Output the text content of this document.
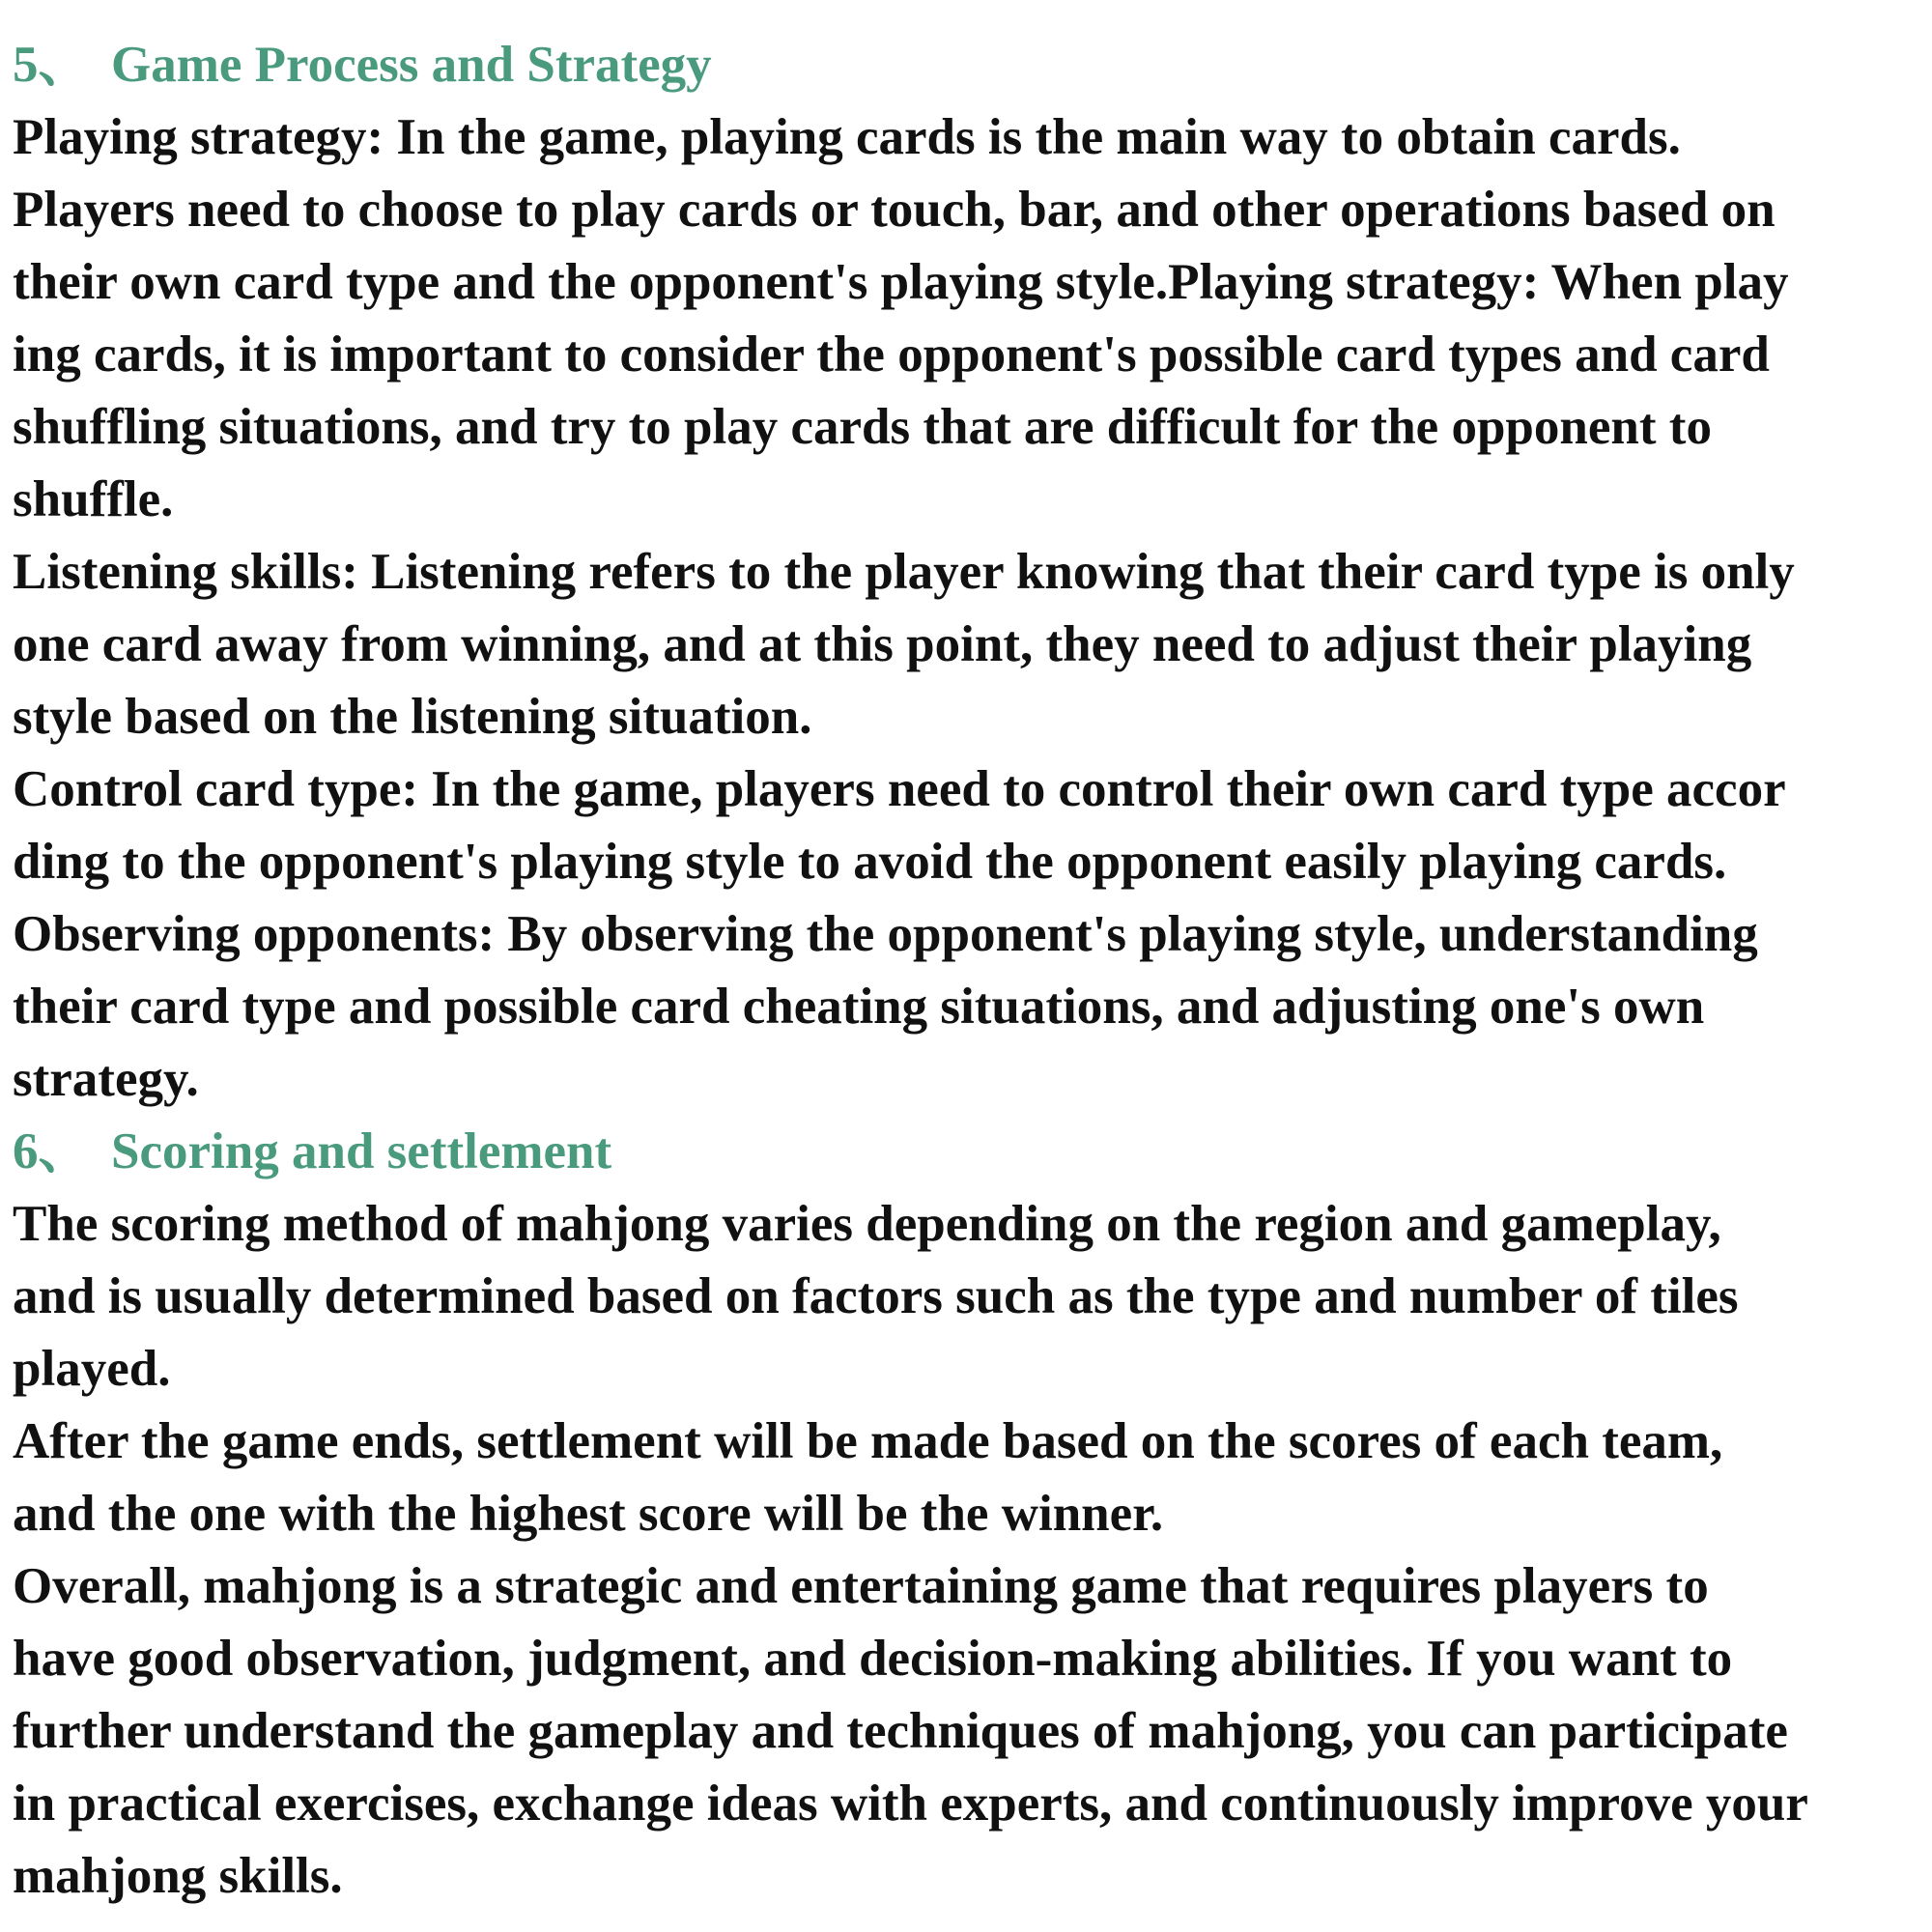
5、 Game Process and Strategy
Playing strategy: In the game, playing cards is the main way to obtain cards.
Players need to choose to play cards or touch, bar, and other operations based on
their own card type and the opponent's playing style.Playing strategy: When play
ing cards, it is important to consider the opponent's possible card types and card
shuffling situations, and try to play cards that are difficult for the opponent to
shuffle.
Listening skills: Listening refers to the player knowing that their card type is only
one card away from winning, and at this point, they need to adjust their playing
style based on the listening situation.
Control card type: In the game, players need to control their own card type accor
ding to the opponent's playing style to avoid the opponent easily playing cards.
Observing opponents: By observing the opponent's playing style, understanding
their card type and possible card cheating situations, and adjusting one's own
strategy.
6、 Scoring and settlement
The scoring method of mahjong varies depending on the region and gameplay,
and is usually determined based on factors such as the type and number of tiles
played.
After the game ends, settlement will be made based on the scores of each team,
and the one with the highest score will be the winner.
Overall, mahjong is a strategic and entertaining game that requires players to
have good observation, judgment, and decision-making abilities. If you want to
further understand the gameplay and techniques of mahjong, you can participate
in practical exercises, exchange ideas with experts, and continuously improve your
mahjong skills.
